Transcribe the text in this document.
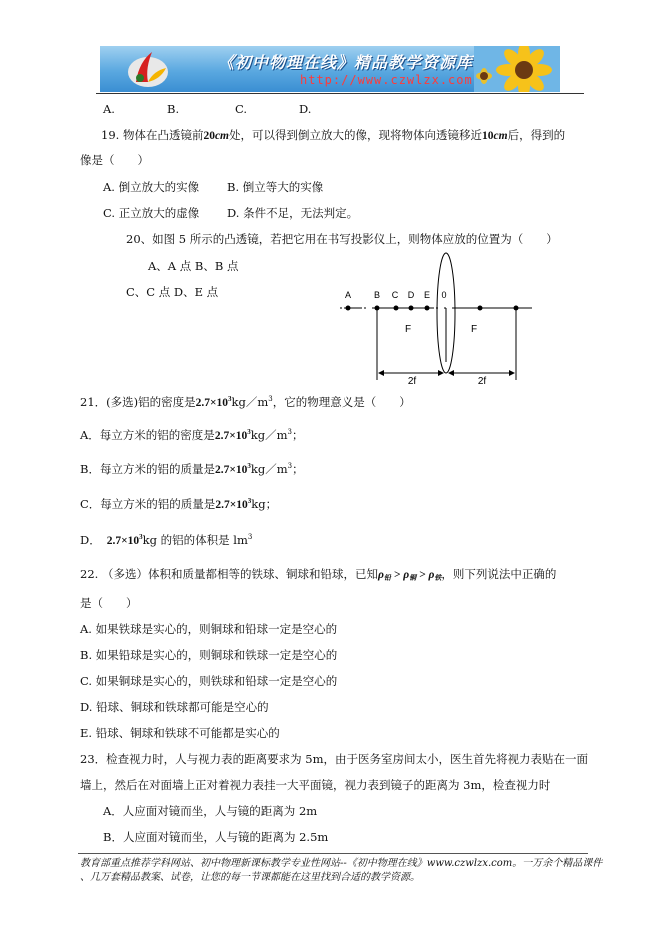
《初中物理在线》精品教学资源库
http://www.czwlzx.com
A.	B.	C.	D.
19. 物体在凸透镜前20cm处，可以得到倒立放大的像，现将物体向透镜移近10cm后，得到的
像是（　　）
A. 倒立放大的实像 B. 倒立等大的实像
C. 正立放大的虚像 D. 条件不足，无法判定。
20、如图 5 所示的凸透镜，若把它用在书写投影仪上，则物体应放的位置为（　　）
A、A 点 B、B 点
C、C 点 D、E 点	A	B C D E 0
F	F
2f	2f
21．(多选)铝的密度是$2.7\times 10^3kg/m^3$，它的物理意义是（　　）
A．每立方米的铝的密度是$2.7\times 10^3kg/m^3$；
B．每立方米的铝的质量是$2.7\times 10^3kg/m^3$；
C．每立方米的铝的质量是$2.7\times 10^3kg$；
D． $2.7\times 10^3kg$ 的铝的体积是 $lm^3$
22. （多选）体积和质量都相等的铁球、铜球和铅球，已知$\rho_铅 > \rho_铜 > \rho_铁$，则下列说法中正确的
是（　　）
A. 如果铁球是实心的，则铜球和铅球一定是空心的
B. 如果铅球是实心的，则铜球和铁球一定是空心的
C. 如果铜球是实心的，则铁球和铅球一定是空心的
D. 铅球、铜球和铁球都可能是空心的
E. 铅球、铜球和铁球不可能都是实心的
23．检查视力时，人与视力表的距离要求为 5m，由于医务室房间太小，医生首先将视力表贴在一面
墙上，然后在对面墙上正对着视力表挂一大平面镜，视力表到镜子的距离为 3m，检查视力时
A．人应面对镜而坐，人与镜的距离为 2m
B．人应面对镜而坐，人与镜的距离为 2.5m
教育部重点推荐学科网站、初中物理新课标教学专业性网站--《初中物理在线》www.czwlzx.com。一万余个精品课件
、几万套精品教案、试卷，让您的每一节课都能在这里找到合适的教学资源。
